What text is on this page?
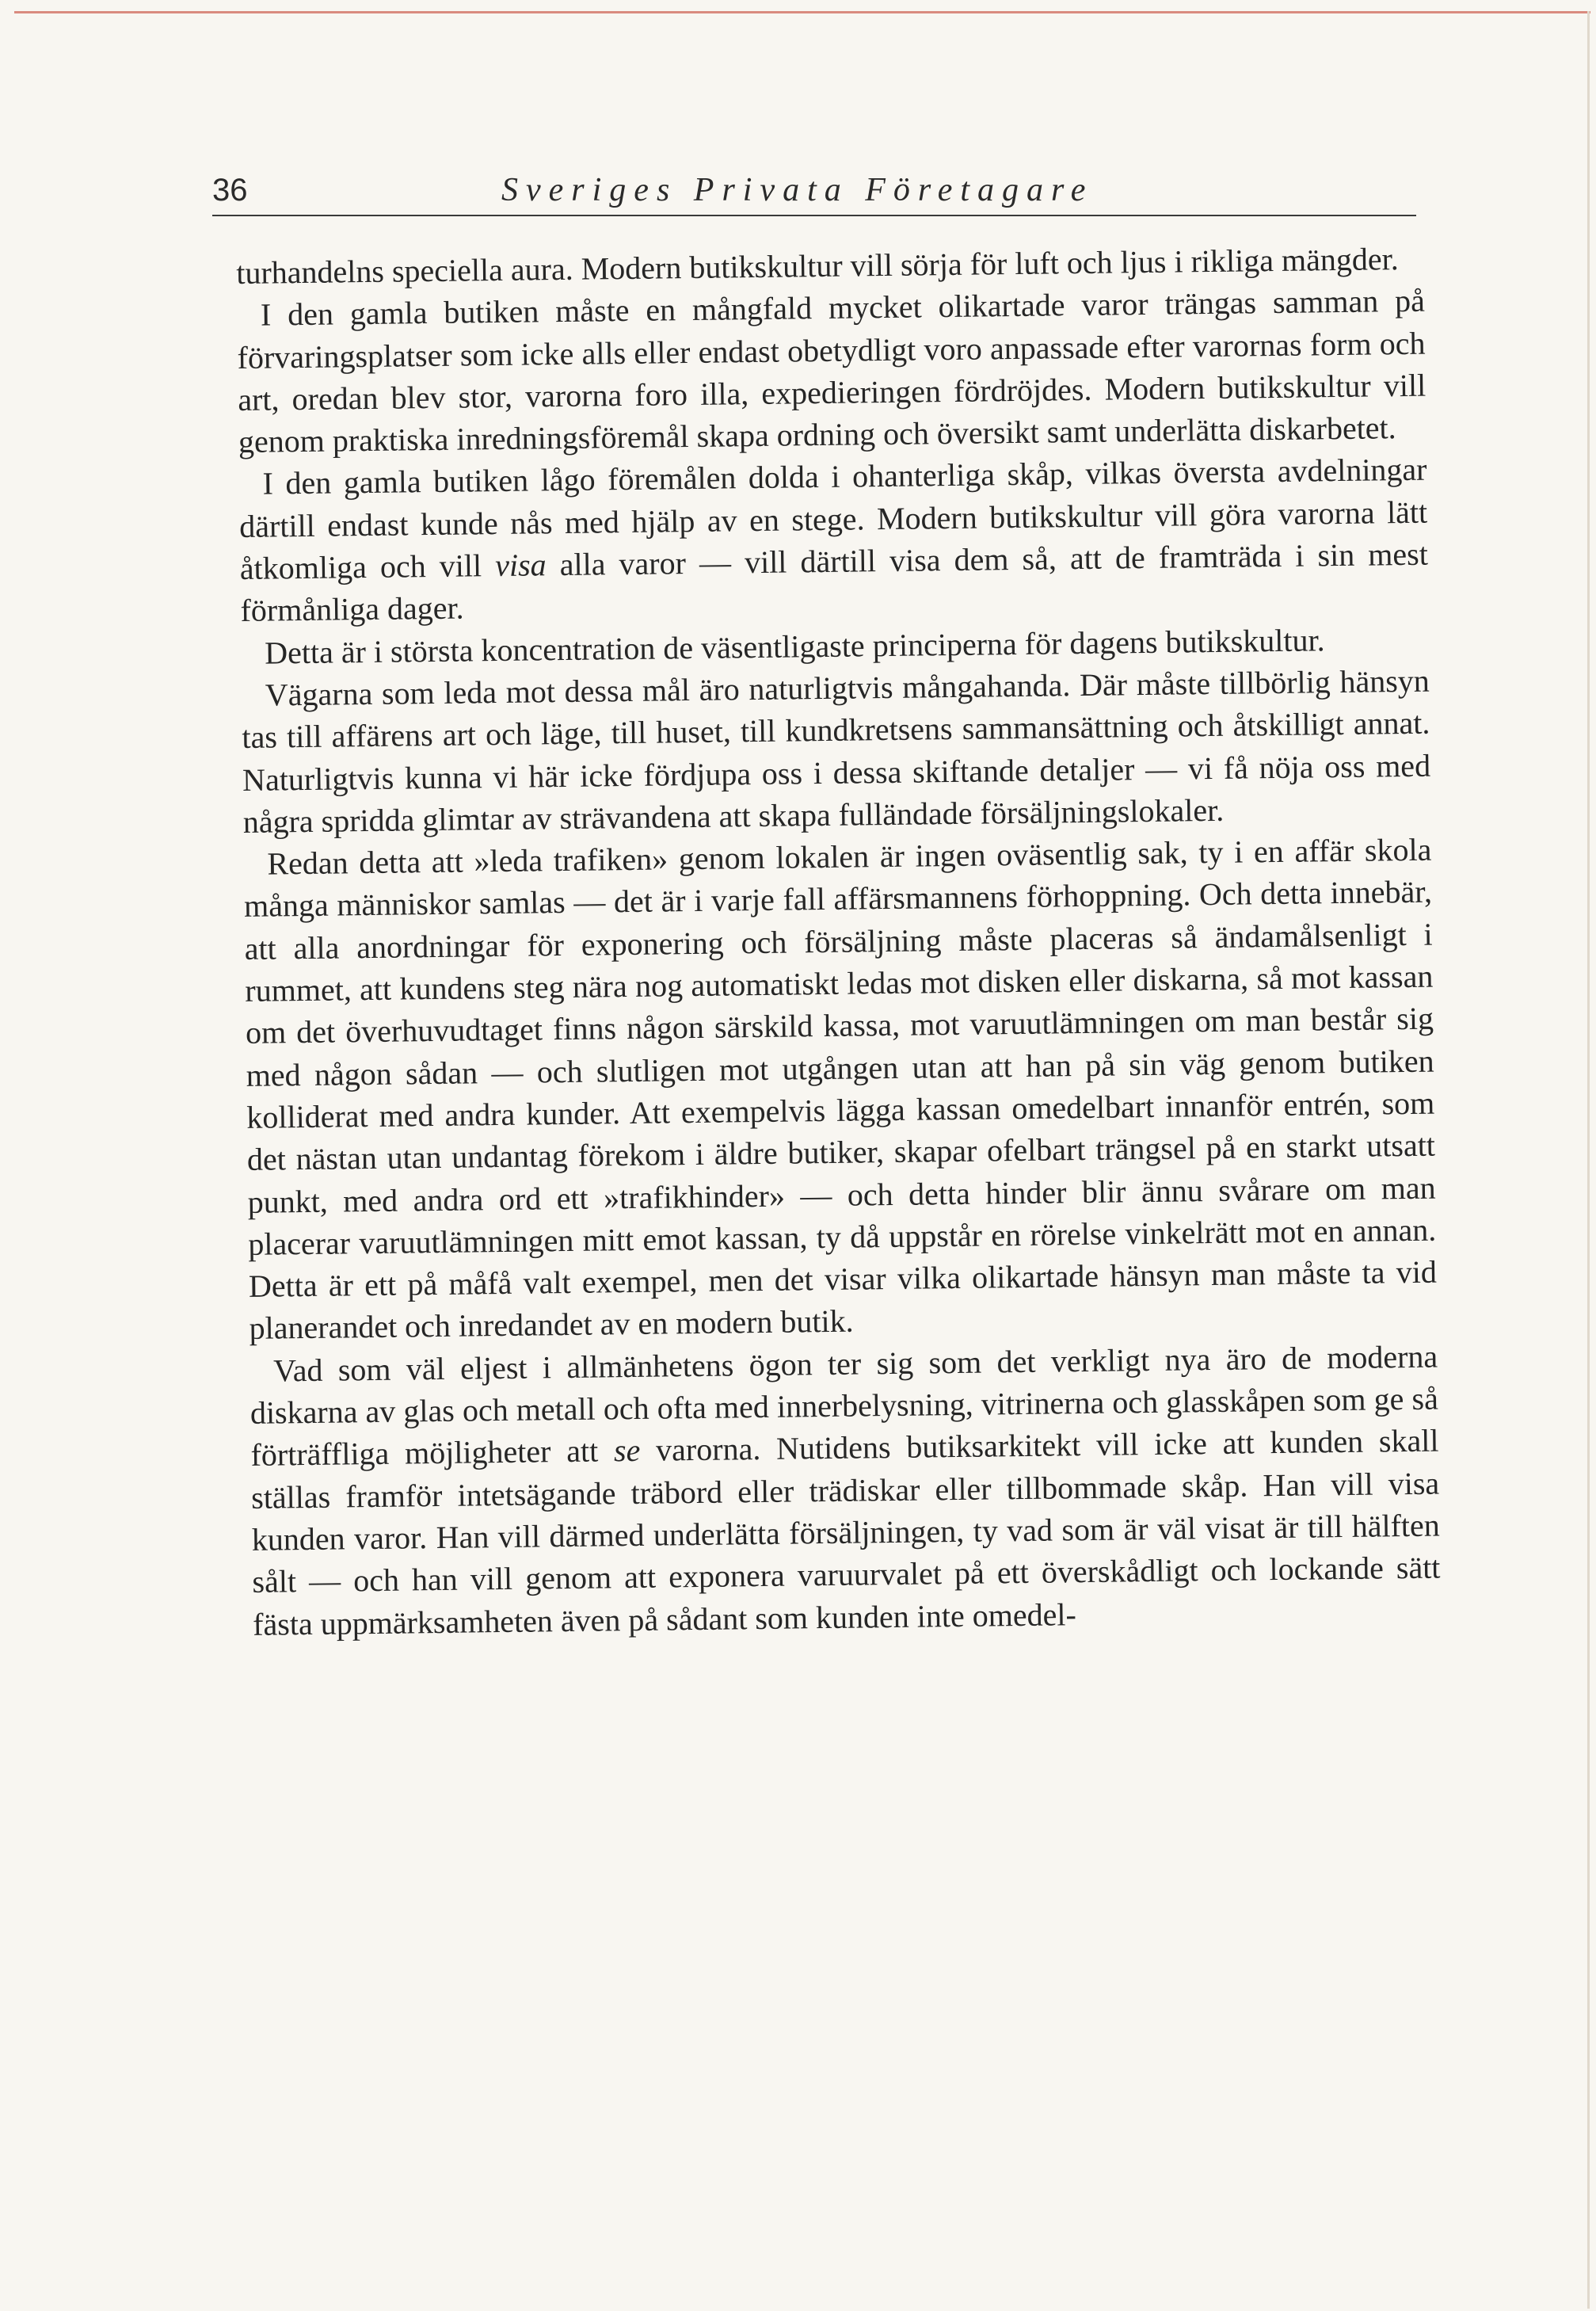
36	Sveriges Privata Företagare

turhandelns speciella aura. Modern butikskultur vill sörja för luft och ljus i rikliga mängder.

I den gamla butiken måste en mångfald mycket olikartade varor trängas samman på förvaringsplatser som icke alls eller endast obetydligt voro anpassade efter varornas form och art, oredan blev stor, varorna foro illa, expedieringen fördröjdes. Modern butikskultur vill genom praktiska inredningsföremål skapa ordning och översikt samt underlätta diskarbetet.

I den gamla butiken lågo föremålen dolda i ohanterliga skåp, vilkas översta avdelningar därtill endast kunde nås med hjälp av en stege. Modern butikskultur vill göra varorna lätt åtkomliga och vill visa alla varor — vill därtill visa dem så, att de framträda i sin mest förmånliga dager.

Detta är i största koncentration de väsentligaste principerna för dagens butikskultur.

Vägarna som leda mot dessa mål äro naturligtvis mångahanda. Där måste tillbörlig hänsyn tas till affärens art och läge, till huset, till kundkretsens sammansättning och åtskilligt annat. Naturligtvis kunna vi här icke fördjupa oss i dessa skiftande detaljer — vi få nöja oss med några spridda glimtar av strävandena att skapa fulländade försäljningslokaler.

Redan detta att »leda trafiken» genom lokalen är ingen oväsentlig sak, ty i en affär skola många människor samlas — det är i varje fall affärsmannens förhoppning. Och detta innebär, att alla anordningar för exponering och försäljning måste placeras så ändamålsenligt i rummet, att kundens steg nära nog automatiskt ledas mot disken eller diskarna, så mot kassan om det överhuvudtaget finns någon särskild kassa, mot varuutlämningen om man består sig med någon sådan — och slutligen mot utgången utan att han på sin väg genom butiken kolliderat med andra kunder. Att exempelvis lägga kassan omedelbart innanför entrén, som det nästan utan undantag förekom i äldre butiker, skapar ofelbart trängsel på en starkt utsatt punkt, med andra ord ett »trafikhinder» — och detta hinder blir ännu svårare om man placerar varuutlämningen mitt emot kassan, ty då uppstår en rörelse vinkelrätt mot en annan. Detta är ett på måfå valt exempel, men det visar vilka olikartade hänsyn man måste ta vid planerandet och inredandet av en modern butik.

Vad som väl eljest i allmänhetens ögon ter sig som det verkligt nya äro de moderna diskarna av glas och metall och ofta med innerbelysning, vitrinerna och glasskåpen som ge så förträffliga möjligheter att se varorna. Nutidens butiksarkitekt vill icke att kunden skall ställas framför intetsägande träbord eller trädiskar eller tillbommade skåp. Han vill visa kunden varor. Han vill därmed underlätta försäljningen, ty vad som är väl visat är till hälften sålt — och han vill genom att exponera varuurvalet på ett överskådligt och lockande sätt fästa uppmärksamheten även på sådant som kunden inte omedel-
